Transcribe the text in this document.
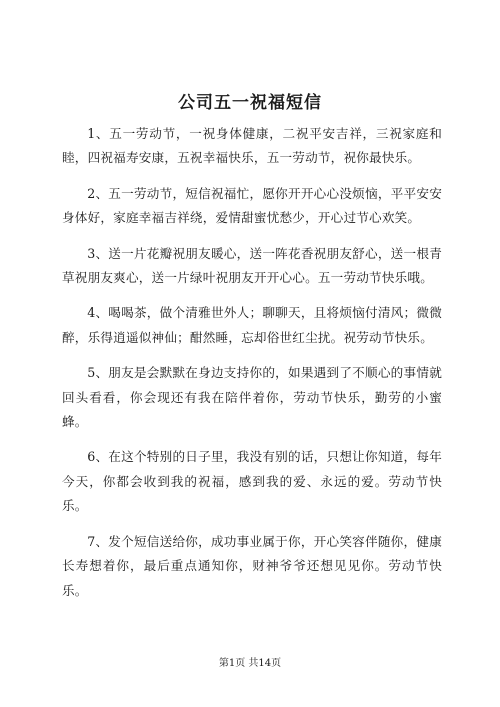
公司五一祝福短信

1、五一劳动节，一祝身体健康，二祝平安吉祥，三祝家庭和睦，四祝福寿安康，五祝幸福快乐，五一劳动节，祝你最快乐。

2、五一劳动节，短信祝福忙，愿你开开心心没烦恼，平平安安身体好，家庭幸福吉祥绕，爱情甜蜜忧愁少，开心过节心欢笑。

3、送一片花瓣祝朋友暖心，送一阵花香祝朋友舒心，送一根青草祝朋友爽心，送一片绿叶祝朋友开开心心。五一劳动节快乐哦。

4、喝喝茶，做个清雅世外人；聊聊天，且将烦恼付清风；微微醉，乐得逍遥似神仙；酣然睡，忘却俗世红尘扰。祝劳动节快乐。

5、朋友是会默默在身边支持你的，如果遇到了不顺心的事情就回头看看，你会现还有我在陪伴着你，劳动节快乐，勤劳的小蜜蜂。

6、在这个特别的日子里，我没有别的话，只想让你知道，每年今天，你都会收到我的祝福，感到我的爱、永远的爱。劳动节快乐。

7、发个短信送给你，成功事业属于你，开心笑容伴随你，健康长寿想着你，最后重点通知你，财神爷爷还想见见你。劳动节快乐。

第1页 共14页
